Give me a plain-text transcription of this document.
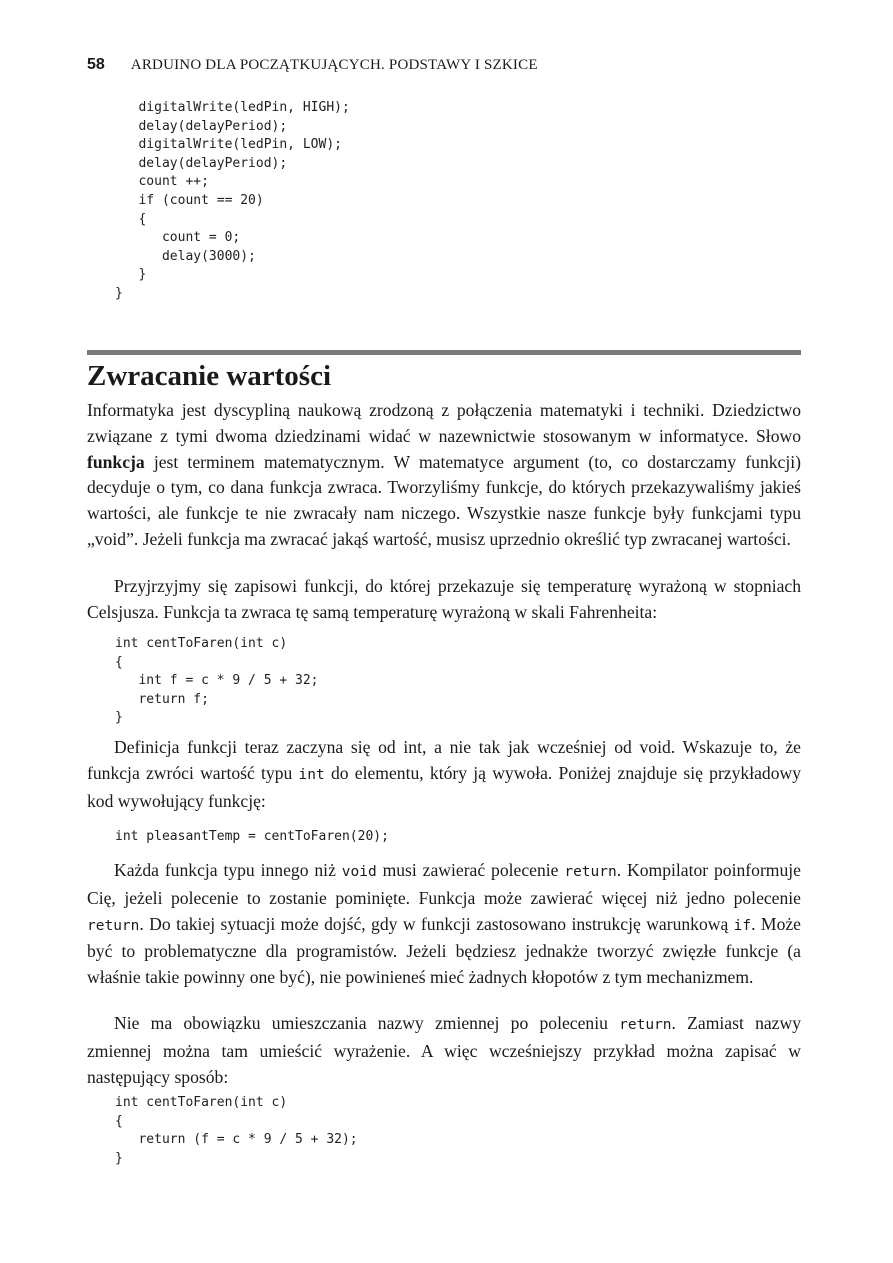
58 ARDUINO DLA POCZĄTKUJĄCYCH. PODSTAWY I SZKICE
digitalWrite(ledPin, HIGH);
delay(delayPeriod);
digitalWrite(ledPin, LOW);
delay(delayPeriod);
count ++;
if (count == 20)
{
count = 0;
delay(3000);
}
}
Zwracanie wartości

Informatyka jest dyscypliną naukową zrodzoną z połączenia matematyki i techniki. Dziedzictwo związane z tymi dwoma dziedzinami widać w nazewnictwie stosowanym w informatyce. Słowo funkcja jest terminem matematycznym. W matematyce argument (to, co dostarczamy funkcji) decyduje o tym, co dana funkcja zwraca. Tworzyliśmy funkcje, do których przekazywaliśmy jakieś wartości, ale funkcje te nie zwracały nam niczego. Wszystkie nasze funkcje były funkcjami typu „void”. Jeżeli funkcja ma zwracać jakąś wartość, musisz uprzednio określić typ zwracanej wartości.

Przyjrzyjmy się zapisowi funkcji, do której przekazuje się temperaturę wyrażoną w stopniach Celsjusza. Funkcja ta zwraca tę samą temperaturę wyrażoną w skali Fahrenheita:

int centToFaren(int c)
{
int f = c * 9 / 5 + 32;
return f;
}

Definicja funkcji teraz zaczyna się od int, a nie tak jak wcześniej od void. Wskazuje to, że funkcja zwróci wartość typu int do elementu, który ją wywoła. Poniżej znajduje się przykładowy kod wywołujący funkcję:

int pleasantTemp = centToFaren(20);

Każda funkcja typu innego niż void musi zawierać polecenie return. Kompilator poinformuje Cię, jeżeli polecenie to zostanie pominięte. Funkcja może zawierać więcej niż jedno polecenie return. Do takiej sytuacji może dojść, gdy w funkcji zastosowano instrukcję warunkową if. Może być to problematyczne dla programistów. Jeżeli będziesz jednakże tworzyć zwięzłe funkcje (a właśnie takie powinny one być), nie powinieneś mieć żadnych kłopotów z tym mechanizmem.

Nie ma obowiązku umieszczania nazwy zmiennej po poleceniu return. Zamiast nazwy zmiennej można tam umieścić wyrażenie. A więc wcześniejszy przykład można zapisać w następujący sposób:

int centToFaren(int c)
{
return (f = c * 9 / 5 + 32);
}
